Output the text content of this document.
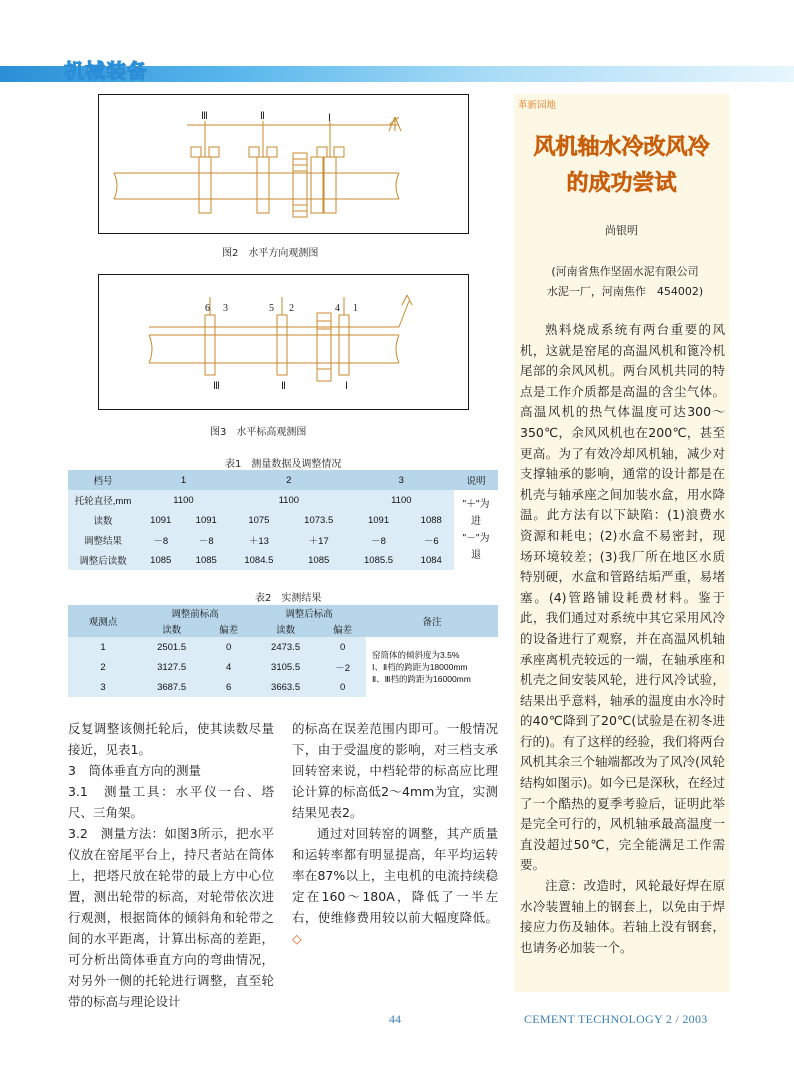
机械装备
Ⅲ	Ⅱ	Ⅰ
图2　水平方向观测图
6 3	5 2	4 1
Ⅲ	Ⅱ	Ⅰ
图3　水平标高观测图
表1　测量数据及调整情况
档号	1		2		3		说明
托轮直径,mm	1100		1100		1100		"＋"为
进
"－"为
退

读数	1091	1091	1075	1073.5	1091	1088	
调整结果	－8	－8	＋13	＋17	－8	－6	
调整后读数	1085	1085	1084.5	1085	1085.5	1084	
表2　实测结果
观测点	调整前标高		调整后标高		备注
	读数	偏差	读数	偏差	
1	2501.5	0	2473.5	0	窑筒体的倾斜度为3.5%
Ⅰ、Ⅱ档的跨距为18000mm
Ⅱ、Ⅲ档的跨距为16000mm

2	3127.5	4	3105.5	－2	
3	3687.5	6	3663.5	0	

反复调整该侧托轮后，使其读数尽量接近，见表1。

3　筒体垂直方向的测量

3.1　测量工具：水平仪一台、塔尺、三角架。

3.2　测量方法：如图3所示，把水平仪放在窑尾平台上，持尺者站在筒体上，把塔尺放在轮带的最上方中心位置，测出轮带的标高，对轮带依次进行观测，根据筒体的倾斜角和轮带之间的水平距离，计算出标高的差距，可分析出筒体垂直方向的弯曲情况，对另外一侧的托轮进行调整，直至轮带的标高与理论设计

的标高在误差范围内即可。一般情况下，由于受温度的影响，对三档支承回转窑来说，中档轮带的标高应比理论计算的标高低2～4mm为宜，实测结果见表2。

通过对回转窑的调整，其产质量和运转率都有明显提高，年平均运转率在87%以上，主电机的电流持续稳定在160～180A，降低了一半左右，使维修费用较以前大幅度降低。 ◇

革新园地
风机轴水冷改风冷
的成功尝试
尚银明
(河南省焦作坚固水泥有限公司
水泥一厂，河南焦作　454002)

熟料烧成系统有两台重要的风机，这就是窑尾的高温风机和篦冷机尾部的余风风机。两台风机共同的特点是工作介质都是高温的含尘气体。高温风机的热气体温度可达300～350℃，余风风机也在200℃，甚至更高。为了有效冷却风机轴，减少对支撑轴承的影响，通常的设计都是在机壳与轴承座之间加装水盒，用水降温。此方法有以下缺陷：(1)浪费水资源和耗电；(2)水盒不易密封，现场环境较差；(3)我厂所在地区水质特别硬，水盒和管路结垢严重，易堵塞。(4)管路铺设耗费材料。鉴于此，我们通过对系统中其它采用风冷的设备进行了观察，并在高温风机轴承座离机壳较远的一端，在轴承座和机壳之间安装风轮，进行风冷试验，结果出乎意料，轴承的温度由水冷时的40℃降到了20℃(试验是在初冬进行的)。有了这样的经验，我们将两台风机其余三个轴端都改为了风冷(风轮结构如图示)。如今已是深秋，在经过了一个酷热的夏季考验后，证明此举是完全可行的，风机轴承最高温度一直没超过50℃，完全能满足工作需要。

注意：改造时，风轮最好焊在原水冷装置轴上的钢套上，以免由于焊接应力伤及轴体。若轴上没有钢套，也请务必加装一个。

44	CEMENT TECHNOLOGY 2 / 2003
